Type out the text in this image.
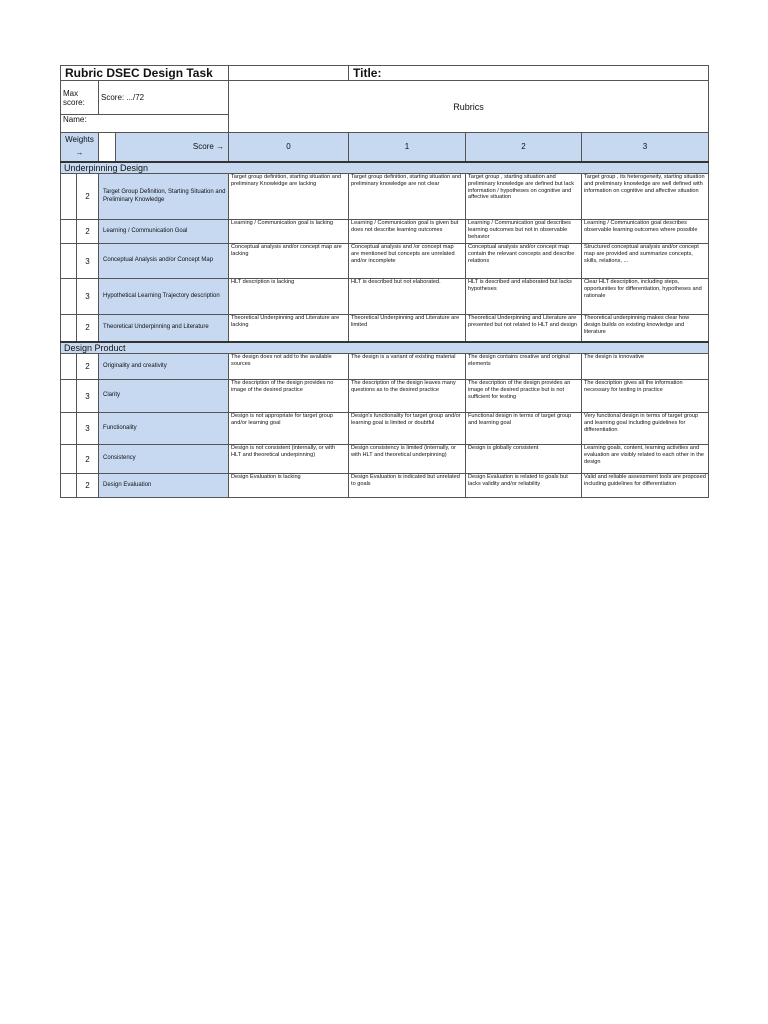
Rubric DSEC Design Task					Title:		
Max score:		Score: .../72		Rubrics			
Name:							
Weights
→			Score →	0	1	2	3
Underpinning Design							
	2	Target Group Definition, Starting Situation and Preliminary Knowledge		Target group definition, starting situation and preliminary Knowledge are lacking	Target group definition, starting situation and preliminary knowledge are not clear	Target group , starting situation and preliminary knowledge are defined but lack information / hypotheses on cognitive and affective situation	Target group , its heterogeneity, starting situation and preliminary knowledge are well defined with information on cognitive and affective situation
	2	Learning / Communication Goal		Learning / Communication goal is lacking	Learning / Communication goal is given but does not describe learning outcomes	Learning / Communication goal describes learning outcomes but not in observable behavior	Learning / Communication goal describes observable learning outcomes where possible
	3	Conceptual Analysis and/or Concept Map		Conceptual analysis and/or concept map are lacking	Conceptual analysis and /or concept map are mentioned but concepts are unrelated and/or incomplete	Conceptual analysis and/or concept map contain the relevant concepts and describe relations	Structured conceptual analysis and/or concept map are provided and summarize concepts, skills, relations, ...
	3	Hypothetical Learning Trajectory description		HLT description is lacking	HLT is described but not elaborated.	HLT is described and elaborated but lacks hypotheses	Clear HLT description, including steps, opportunities for differentiation, hypotheses and rationale
	2	Theoretical Underpinning and Literature		Theoretical Underpinning and Literature are lacking	Theoretical Underpinning and Literature are limited	Theoretical Underpinning and Literature are presented but not related to HLT and design	Theoretical underpinning makes clear how design builds on existing knowledge and literature
Design Product							
	2	Originality and creativity		The design does not add to the available sources	The design is a variant of existing material	The design contains creative and original elements	The design is innovative
	3	Clarity		The description of the design provides no image of the desired practice	The description of the design leaves many questions as to the desired practice	The description of the design provides an image of the desired practice but is not sufficient for testing	The description gives all the information necessary for testing in practice
	3	Functionality		Design is not appropriate for target group and/or learning goal	Design's functionality for target group and/or learning goal is limited or doubtful	Functional design in terms of target group and learning goal	Very functional design in terms of target group and learning goal including guidelines for differentiation
	2	Consistency		Design is not consistent (internally, or with HLT and theoretical underpinning)	Design consistency is limited (internally, or with HLT and theoretical underpinning)	Design is globally consistent	Learning goals, content, learning activities and evaluation are visibly related to each other in the design
	2	Design Evaluation		Design Evaluation is lacking	Design Evaluation is indicated but unrelated to goals	Design Evaluation is related to goals but lacks validity and/or reliability	Valid and reliable assessment tools are proposed including guidelines for differentiation
